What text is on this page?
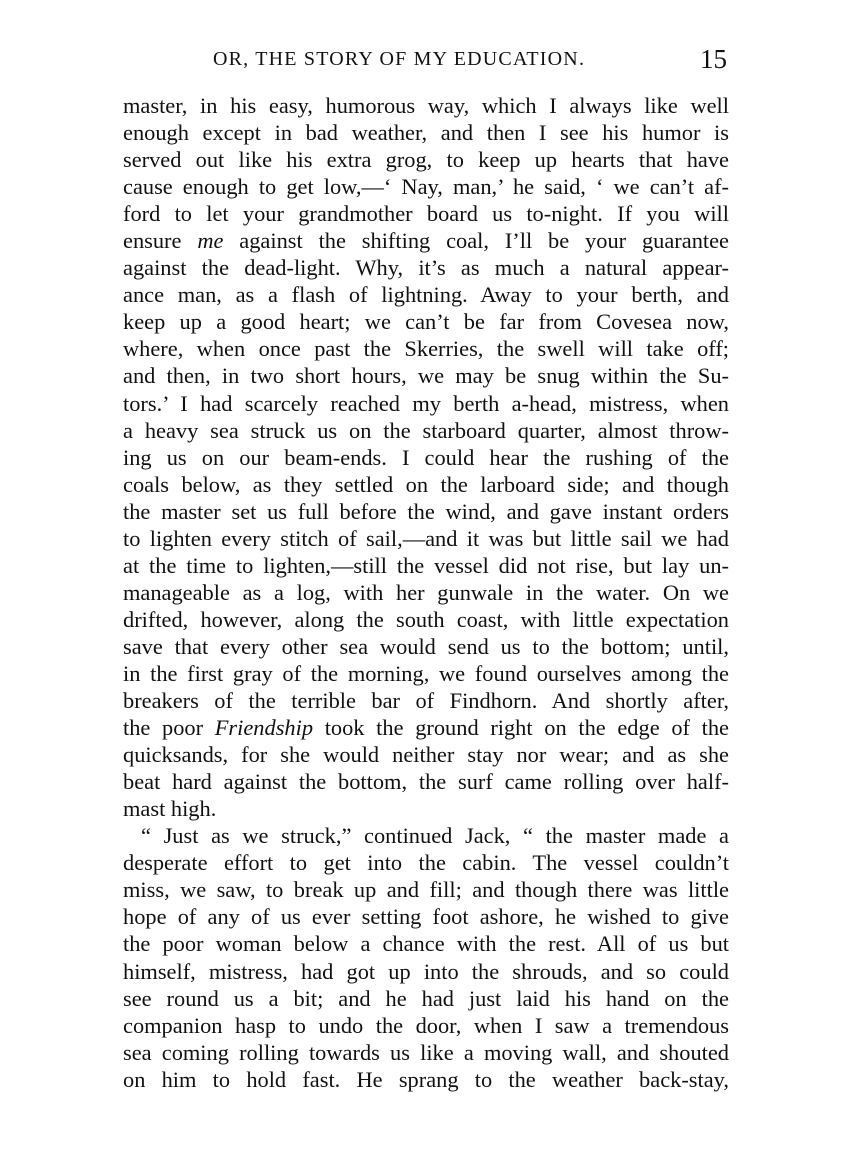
OR, THE STORY OF MY EDUCATION.	15
master, in his easy, humorous way, which I always like well
enough except in bad weather, and then I see his humor is
served out like his extra grog, to keep up hearts that have
cause enough to get low,—‘ Nay, man,’ he said, ‘ we can’t af-
ford to let your grandmother board us to-night. If you will
ensure me against the shifting coal, I’ll be your guarantee
against the dead-light. Why, it’s as much a natural appear-
ance man, as a flash of lightning. Away to your berth, and
keep up a good heart; we can’t be far from Covesea now,
where, when once past the Skerries, the swell will take off;
and then, in two short hours, we may be snug within the Su-
tors.’ I had scarcely reached my berth a-head, mistress, when
a heavy sea struck us on the starboard quarter, almost throw-
ing us on our beam-ends. I could hear the rushing of the
coals below, as they settled on the larboard side; and though
the master set us full before the wind, and gave instant orders
to lighten every stitch of sail,—and it was but little sail we had
at the time to lighten,—still the vessel did not rise, but lay un-
manageable as a log, with her gunwale in the water. On we
drifted, however, along the south coast, with little expectation
save that every other sea would send us to the bottom; until,
in the first gray of the morning, we found ourselves among the
breakers of the terrible bar of Findhorn. And shortly after,
the poor Friendship took the ground right on the edge of the
quicksands, for she would neither stay nor wear; and as she
beat hard against the bottom, the surf came rolling over half-
mast high.
“ Just as we struck,” continued Jack, “ the master made a
desperate effort to get into the cabin. The vessel couldn’t
miss, we saw, to break up and fill; and though there was little
hope of any of us ever setting foot ashore, he wished to give
the poor woman below a chance with the rest. All of us but
himself, mistress, had got up into the shrouds, and so could
see round us a bit; and he had just laid his hand on the
companion hasp to undo the door, when I saw a tremendous
sea coming rolling towards us like a moving wall, and shouted
on him to hold fast. He sprang to the weather back-stay,
